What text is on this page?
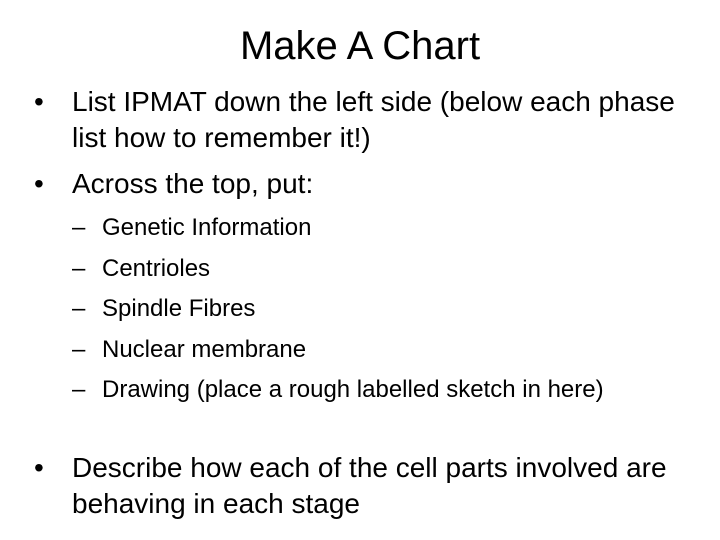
Make A Chart
• List IPMAT down the left side (below each phase list how to remember it!)
• Across the top, put:
– Genetic Information
– Centrioles
– Spindle Fibres
– Nuclear membrane
– Drawing (place a rough labelled sketch in here)
• Describe how each of the cell parts involved are behaving in each stage
